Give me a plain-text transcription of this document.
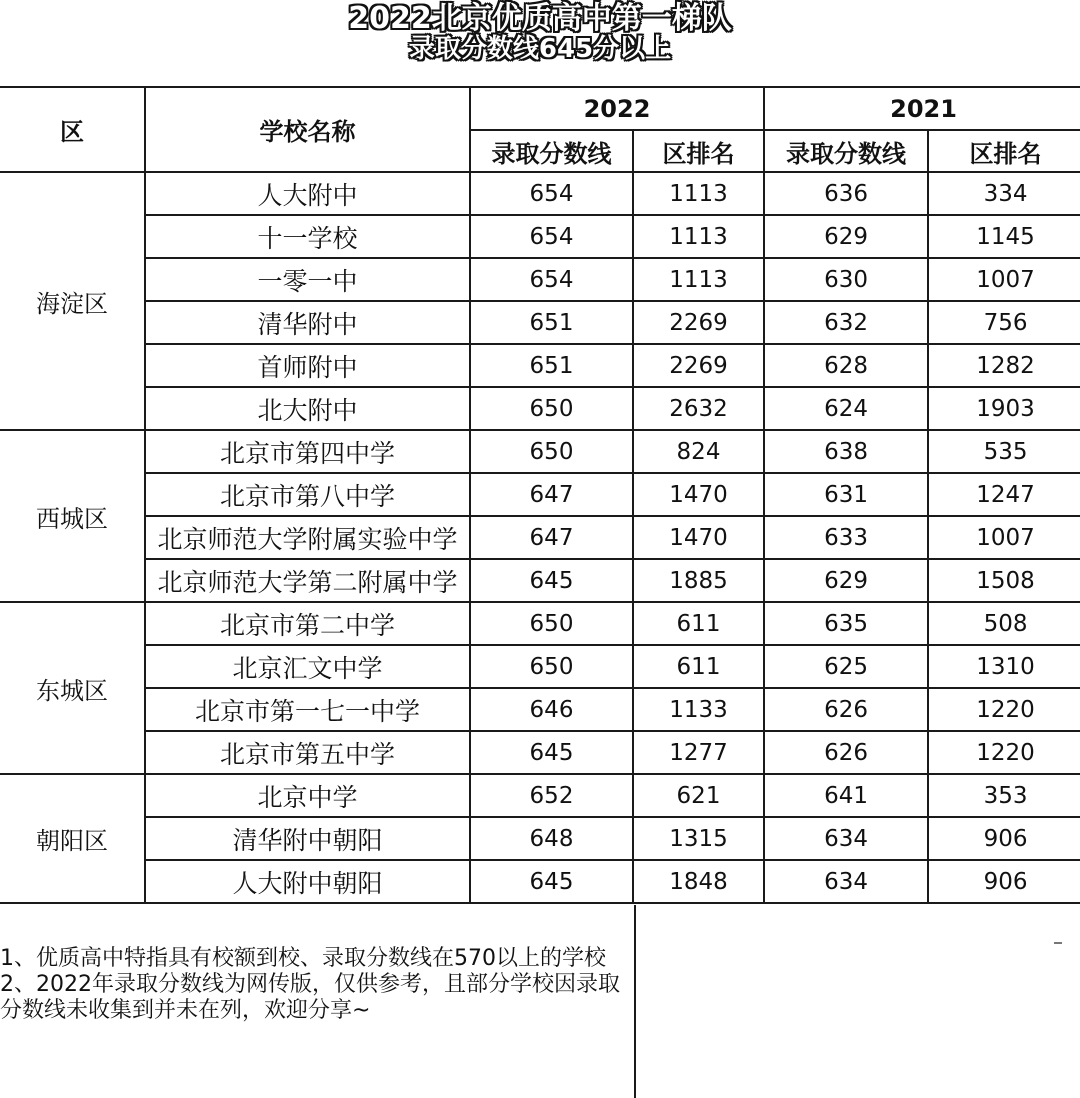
2022北京优质高中第一梯队
录取分数线645分以上
区	学校名称	2022		2021	
		录取分数线	区排名	录取分数线	区排名
海淀区	人大附中	654	1113	636	334
	十一学校	654	1113	629	1145
	一零一中	654	1113	630	1007
	清华附中	651	2269	632	756
	首师附中	651	2269	628	1282
	北大附中	650	2632	624	1903
西城区	北京市第四中学	650	824	638	535
	北京市第八中学	647	1470	631	1247
	北京师范大学附属实验中学	647	1470	633	1007
	北京师范大学第二附属中学	645	1885	629	1508
东城区	北京市第二中学	650	611	635	508
	北京汇文中学	650	611	625	1310
	北京市第一七一中学	646	1133	626	1220
	北京市第五中学	645	1277	626	1220
朝阳区	北京中学	652	621	641	353
	清华附中朝阳	648	1315	634	906
	人大附中朝阳	645	1848	634	906

1、优质高中特指具有校额到校、录取分数线在570以上的学校

2、2022年录取分数线为网传版，仅供参考，且部分学校因录取分数线未收集到并未在列，欢迎分享~
